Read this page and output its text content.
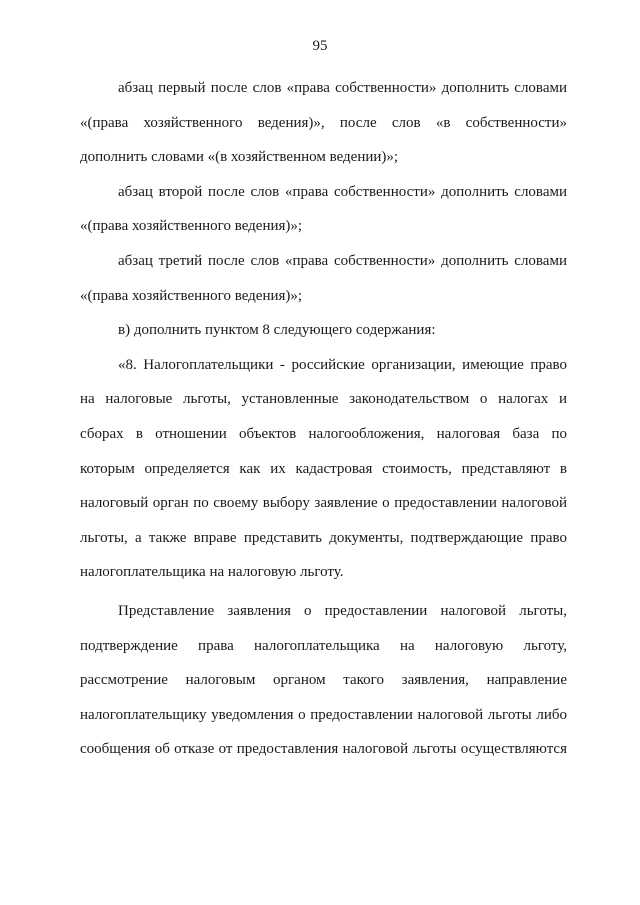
95
абзац первый после слов «права собственности» дополнить словами
«(права хозяйственного ведения)», после слов «в собственности»
дополнить словами «(в хозяйственном ведении)»;
абзац второй после слов «права собственности» дополнить словами
«(права хозяйственного ведения)»;
абзац третий после слов «права собственности» дополнить словами
«(права хозяйственного ведения)»;
в) дополнить пунктом 8 следующего содержания:
«8. Налогоплательщики - российские организации, имеющие право
на налоговые льготы, установленные законодательством о налогах и
сборах в отношении объектов налогообложения, налоговая база по
которым определяется как их кадастровая стоимость, представляют в
налоговый орган по своему выбору заявление о предоставлении налоговой
льготы, а также вправе представить документы, подтверждающие право
налогоплательщика на налоговую льготу.
Представление заявления о предоставлении налоговой льготы,
подтверждение права налогоплательщика на налоговую льготу,
рассмотрение налоговым органом такого заявления, направление
налогоплательщику уведомления о предоставлении налоговой льготы либо
сообщения об отказе от предоставления налоговой льготы осуществляются
